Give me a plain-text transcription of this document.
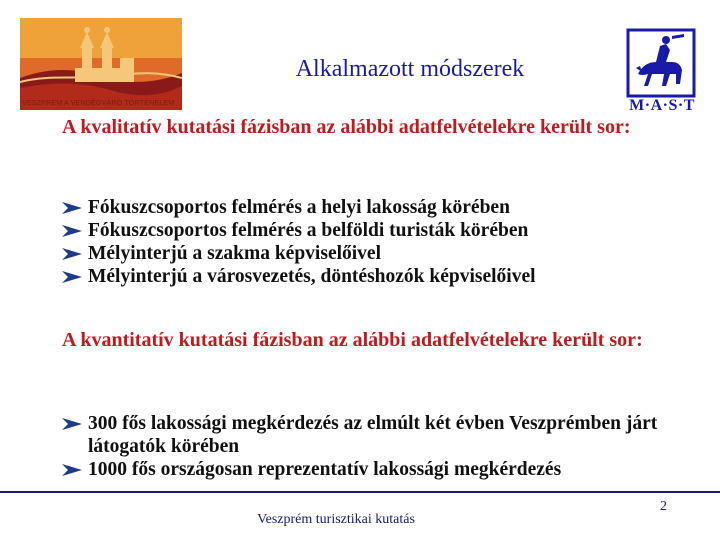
VESZPRÉM A VENDÉGVÁRÓ TÖRTÉNELEM
Alkalmazott módszerek
M·A·S·T
A kvalitatív kutatási fázisban az alábbi adatfelvételekre került sor:
Fókuszcsoportos felmérés a helyi lakosság körében
Fókuszcsoportos felmérés a belföldi turisták körében
Mélyinterjú a szakma képviselőivel
Mélyinterjú a városvezetés, döntéshozók képviselőivel
A kvantitatív kutatási fázisban az alábbi adatfelvételekre került sor:
300 fős lakossági megkérdezés az elmúlt két évben Veszprémben járt látogatók körében
1000 fős országosan reprezentatív lakossági megkérdezés
Veszprém turisztikai kutatás
2
